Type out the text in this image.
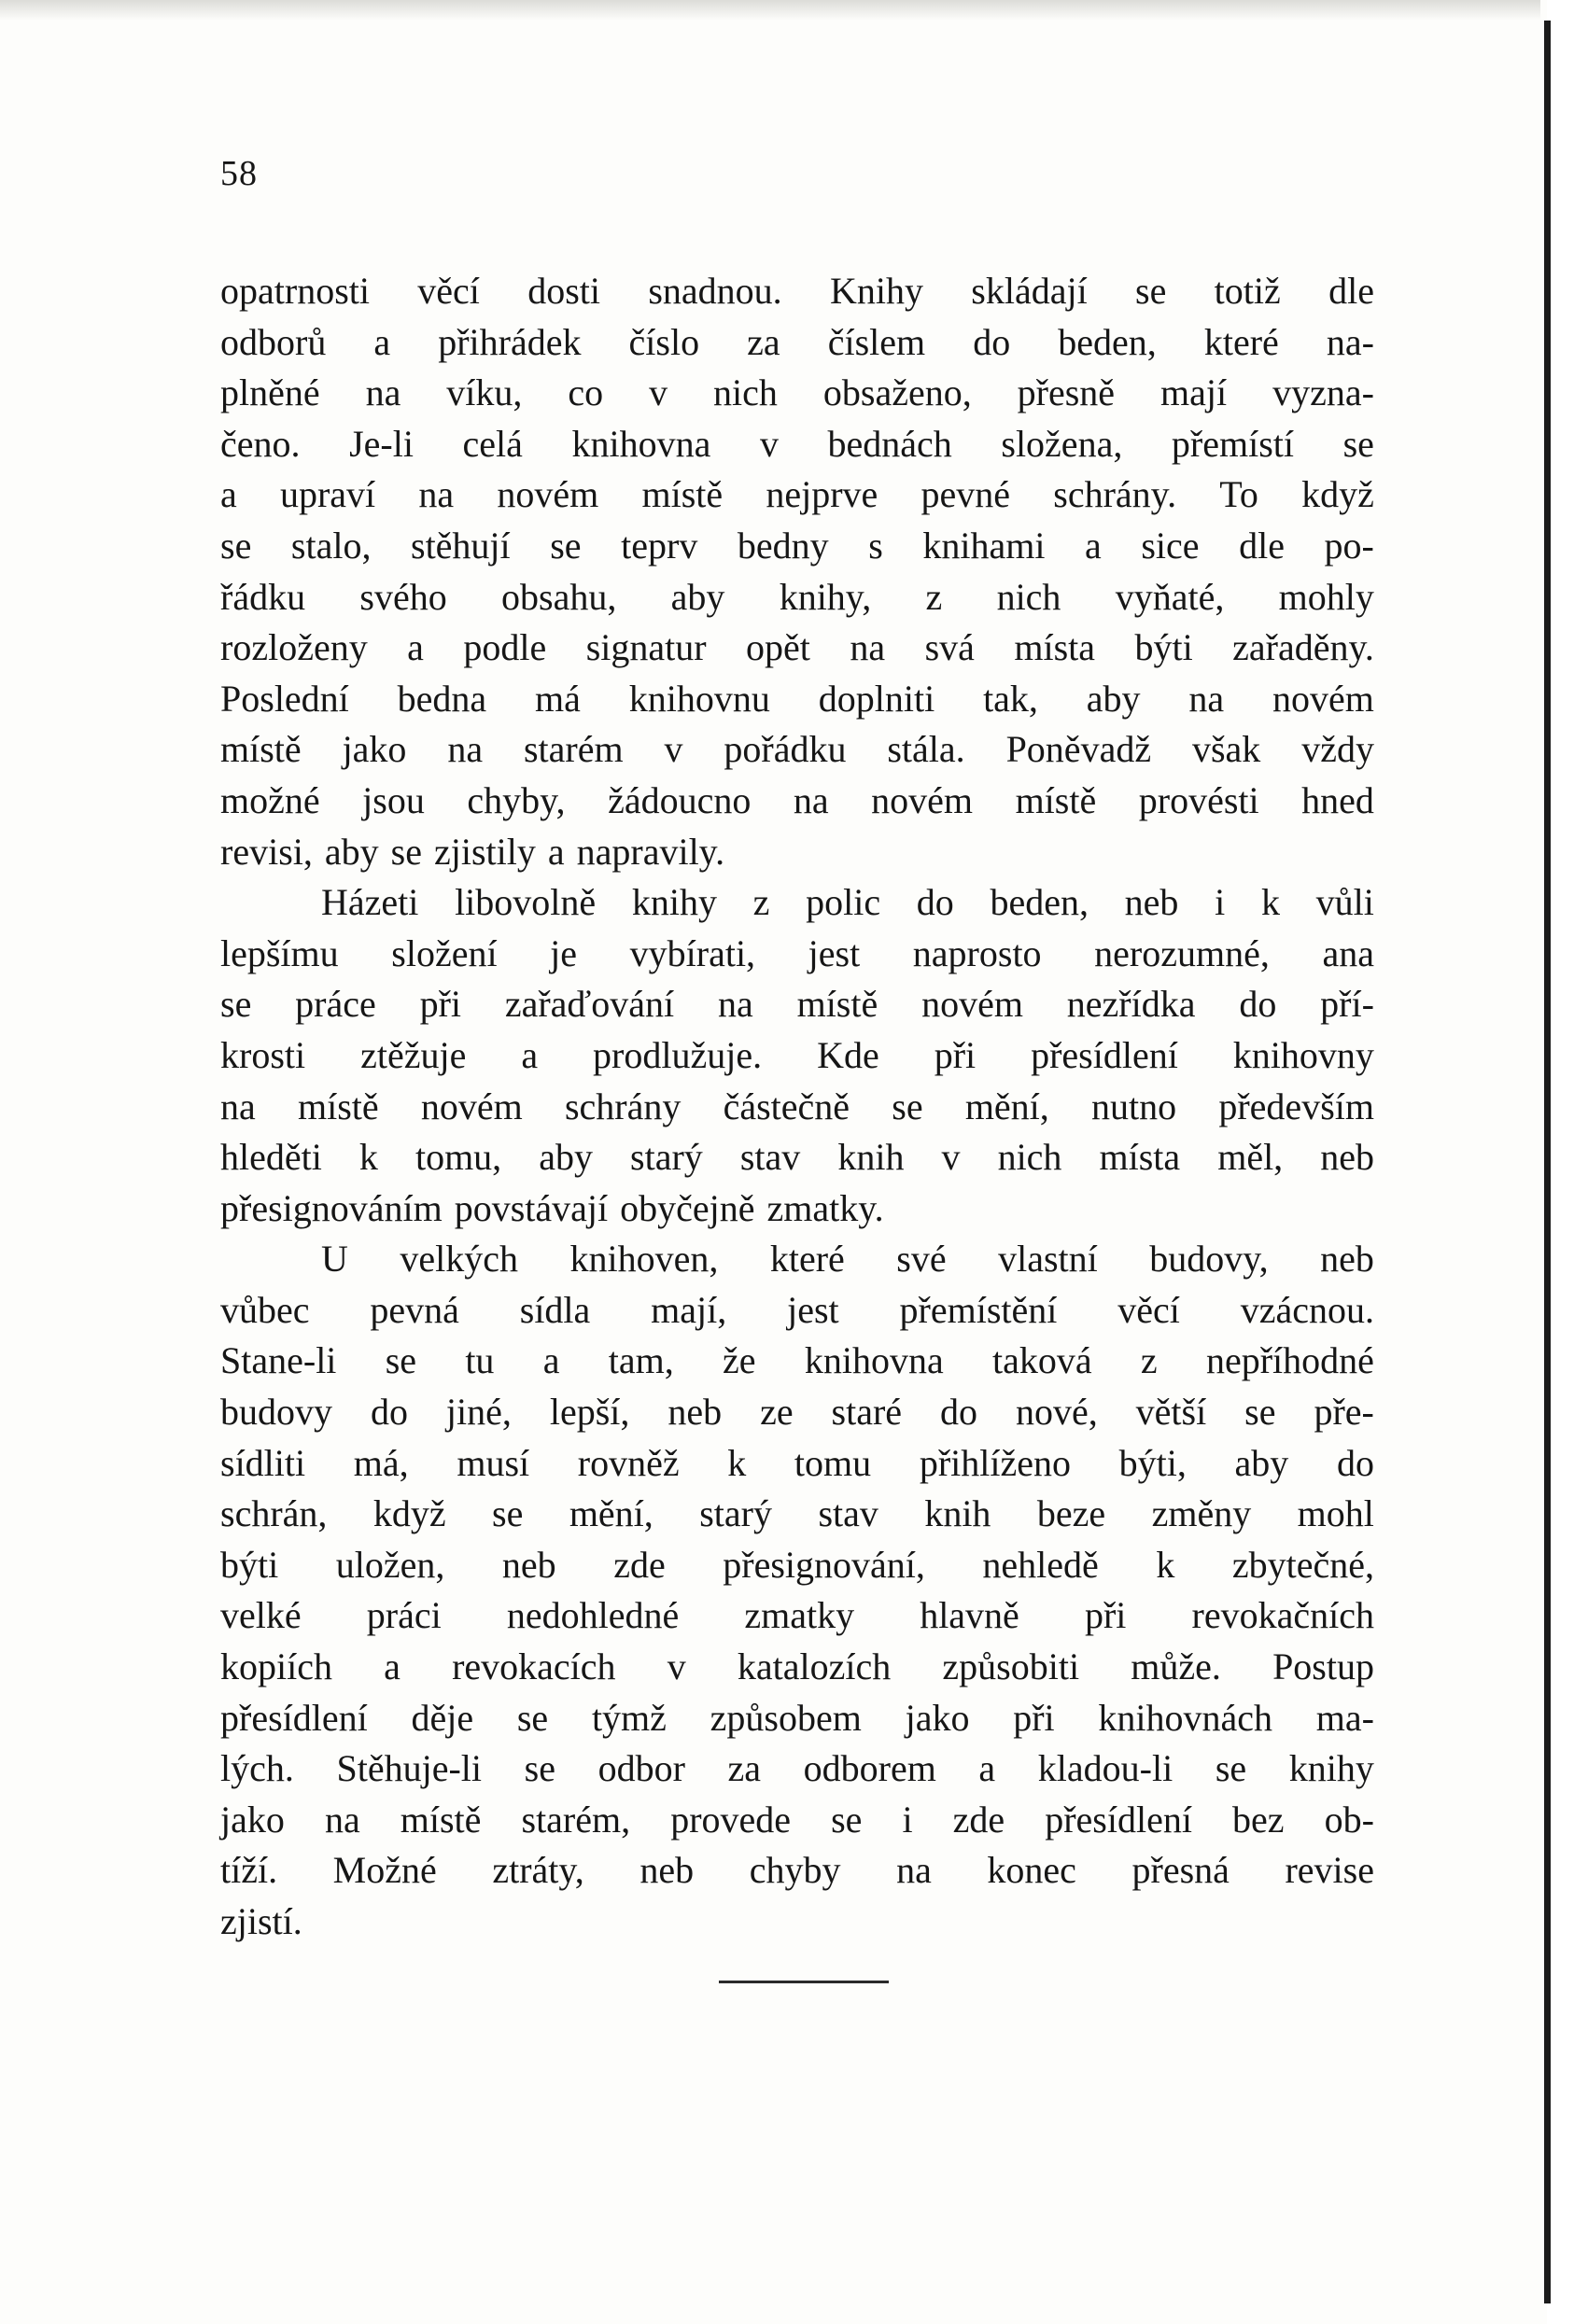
58
opatrnosti věcí dosti snadnou. Knihy skládají se totiž dle
odborů a přihrádek číslo za číslem do beden, které na-
plněné na víku, co v nich obsaženo, přesně mají vyzna-
čeno. Je-li celá knihovna v bednách složena, přemístí se
a upraví na novém místě nejprve pevné schrány. To když
se stalo, stěhují se teprv bedny s knihami a sice dle po-
řádku svého obsahu, aby knihy, z nich vyňaté, mohly
rozloženy a podle signatur opět na svá místa býti zařaděny.
Poslední bedna má knihovnu doplniti tak, aby na novém
místě jako na starém v pořádku stála. Poněvadž však vždy
možné jsou chyby, žádoucno na novém místě provésti hned
revisi, aby se zjistily a napravily.
Házeti libovolně knihy z polic do beden, neb i k vůli
lepšímu složení je vybírati, jest naprosto nerozumné, ana
se práce při zařaďování na místě novém nezřídka do pří-
krosti ztěžuje a prodlužuje. Kde při přesídlení knihovny
na místě novém schrány částečně se mění, nutno především
hleděti k tomu, aby starý stav knih v nich místa měl, neb
přesignováním povstávají obyčejně zmatky.
U velkých knihoven, které své vlastní budovy, neb
vůbec pevná sídla mají, jest přemístění věcí vzácnou.
Stane-li se tu a tam, že knihovna taková z nepříhodné
budovy do jiné, lepší, neb ze staré do nové, větší se pře-
sídliti má, musí rovněž k tomu přihlíženo býti, aby do
schrán, když se mění, starý stav knih beze změny mohl
býti uložen, neb zde přesignování, nehledě k zbytečné,
velké práci nedohledné zmatky hlavně při revokačních
kopiích a revokacích v katalozích způsobiti může. Postup
přesídlení děje se týmž způsobem jako při knihovnách ma-
lých. Stěhuje-li se odbor za odborem a kladou-li se knihy
jako na místě starém, provede se i zde přesídlení bez ob-
tíží. Možné ztráty, neb chyby na konec přesná revise
zjistí.
